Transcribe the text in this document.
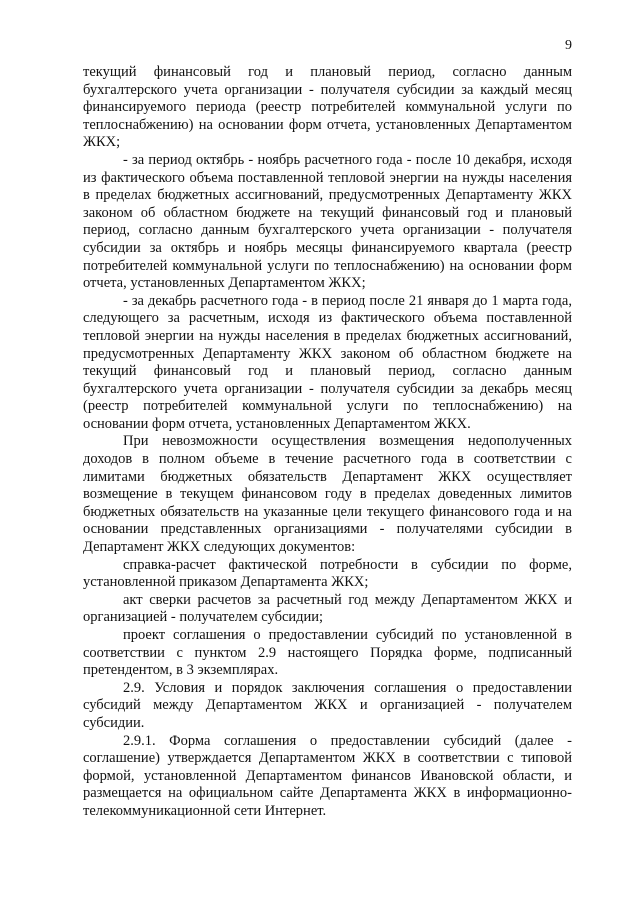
9

текущий финансовый год и плановый период, согласно данным бухгалтерского учета организации - получателя субсидии за каждый месяц финансируемого периода (реестр потребителей коммунальной услуги по теплоснабжению) на основании форм отчета, установленных Департаментом ЖКХ;

- за период октябрь - ноябрь расчетного года - после 10 декабря, исходя из фактического объема поставленной тепловой энергии на нужды населения в пределах бюджетных ассигнований, предусмотренных Департаменту ЖКХ законом об областном бюджете на текущий финансовый год и плановый период, согласно данным бухгалтерского учета организации - получателя субсидии за октябрь и ноябрь месяцы финансируемого квартала (реестр потребителей коммунальной услуги по теплоснабжению) на основании форм отчета, установленных Департаментом ЖКХ;

- за декабрь расчетного года - в период после 21 января до 1 марта года, следующего за расчетным, исходя из фактического объема поставленной тепловой энергии на нужды населения в пределах бюджетных ассигнований, предусмотренных Департаменту ЖКХ законом об областном бюджете на текущий финансовый год и плановый период, согласно данным бухгалтерского учета организации - получателя субсидии за декабрь месяц (реестр потребителей коммунальной услуги по теплоснабжению) на основании форм отчета, установленных Департаментом ЖКХ.

При невозможности осуществления возмещения недополученных доходов в полном объеме в течение расчетного года в соответствии с лимитами бюджетных обязательств Департамент ЖКХ осуществляет возмещение в текущем финансовом году в пределах доведенных лимитов бюджетных обязательств на указанные цели текущего финансового года и на основании представленных организациями - получателями субсидии в Департамент ЖКХ следующих документов:

справка-расчет фактической потребности в субсидии по форме, установленной приказом Департамента ЖКХ;

акт сверки расчетов за расчетный год между Департаментом ЖКХ и организацией - получателем субсидии;

проект соглашения о предоставлении субсидий по установленной в соответствии с пунктом 2.9 настоящего Порядка форме, подписанный претендентом, в 3 экземплярах.

2.9. Условия и порядок заключения соглашения о предоставлении субсидий между Департаментом ЖКХ и организацией - получателем субсидии.

2.9.1. Форма соглашения о предоставлении субсидий (далее - соглашение) утверждается Департаментом ЖКХ в соответствии с типовой формой, установленной Департаментом финансов Ивановской области, и размещается на официальном сайте Департамента ЖКХ в информационно-телекоммуникационной сети Интернет.
